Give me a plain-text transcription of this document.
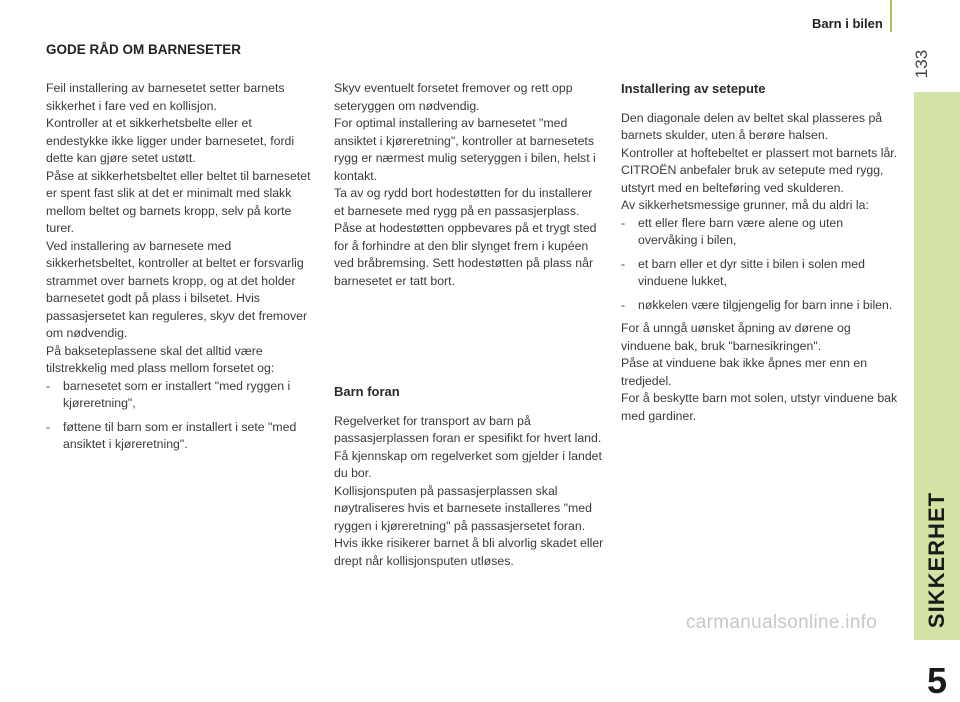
Barn i bilen
133
SIKKERHET
5
GODE RÅD OM BARNESETER

Feil installering av barnesetet setter barnets sikkerhet i fare ved en kollisjon.

Kontroller at et sikkerhetsbelte eller et endestykke ikke ligger under barnesetet, fordi dette kan gjøre setet ustøtt.

Påse at sikkerhetsbeltet eller beltet til barnesetet er spent fast slik at det er minimalt med slakk mellom beltet og barnets kropp, selv på korte turer.

Ved installering av barnesete med sikkerhetsbeltet, kontroller at beltet er forsvarlig strammet over barnets kropp, og at det holder barnesetet godt på plass i bilsetet. Hvis passasjersetet kan reguleres, skyv det fremover om nødvendig.

På bakseteplassene skal det alltid være tilstrekkelig med plass mellom forsetet og:

- barnesetet som er installert "med ryggen i kjøreretning",
- føttene til barn som er installert i sete "med ansiktet i kjøreretning".

Skyv eventuelt forsetet fremover og rett opp seteryggen om nødvendig.

For optimal installering av barnesetet "med ansiktet i kjøreretning", kontroller at barnesetets rygg er nærmest mulig seteryggen i bilen, helst i kontakt.

Ta av og rydd bort hodestøtten for du installerer et barnesete med rygg på en passasjerplass.

Påse at hodestøtten oppbevares på et trygt sted for å forhindre at den blir slynget frem i kupéen ved bråbremsing. Sett hodestøtten på plass når barnesetet er tatt bort.

Barn foran

Regelverket for transport av barn på passasjerplassen foran er spesifikt for hvert land. Få kjennskap om regelverket som gjelder i landet du bor.

Kollisjonsputen på passasjerplassen skal nøytraliseres hvis et barnesete installeres "med ryggen i kjøreretning" på passasjersetet foran.

Hvis ikke risikerer barnet å bli alvorlig skadet eller drept når kollisjonsputen utløses.

Installering av setepute

Den diagonale delen av beltet skal plasseres på barnets skulder, uten å berøre halsen.

Kontroller at hoftebeltet er plassert mot barnets lår.

CITROËN anbefaler bruk av setepute med rygg, utstyrt med en belteføring ved skulderen.

Av sikkerhetsmessige grunner, må du aldri la:

- ett eller flere barn være alene og uten overvåking i bilen,
- et barn eller et dyr sitte i bilen i solen med vinduene lukket,
- nøkkelen være tilgjengelig for barn inne i bilen.

For å unngå uønsket åpning av dørene og vinduene bak, bruk "barnesikringen".

Påse at vinduene bak ikke åpnes mer enn en tredjedel.

For å beskytte barn mot solen, utstyr vinduene bak med gardiner.

carmanualsonline.info
